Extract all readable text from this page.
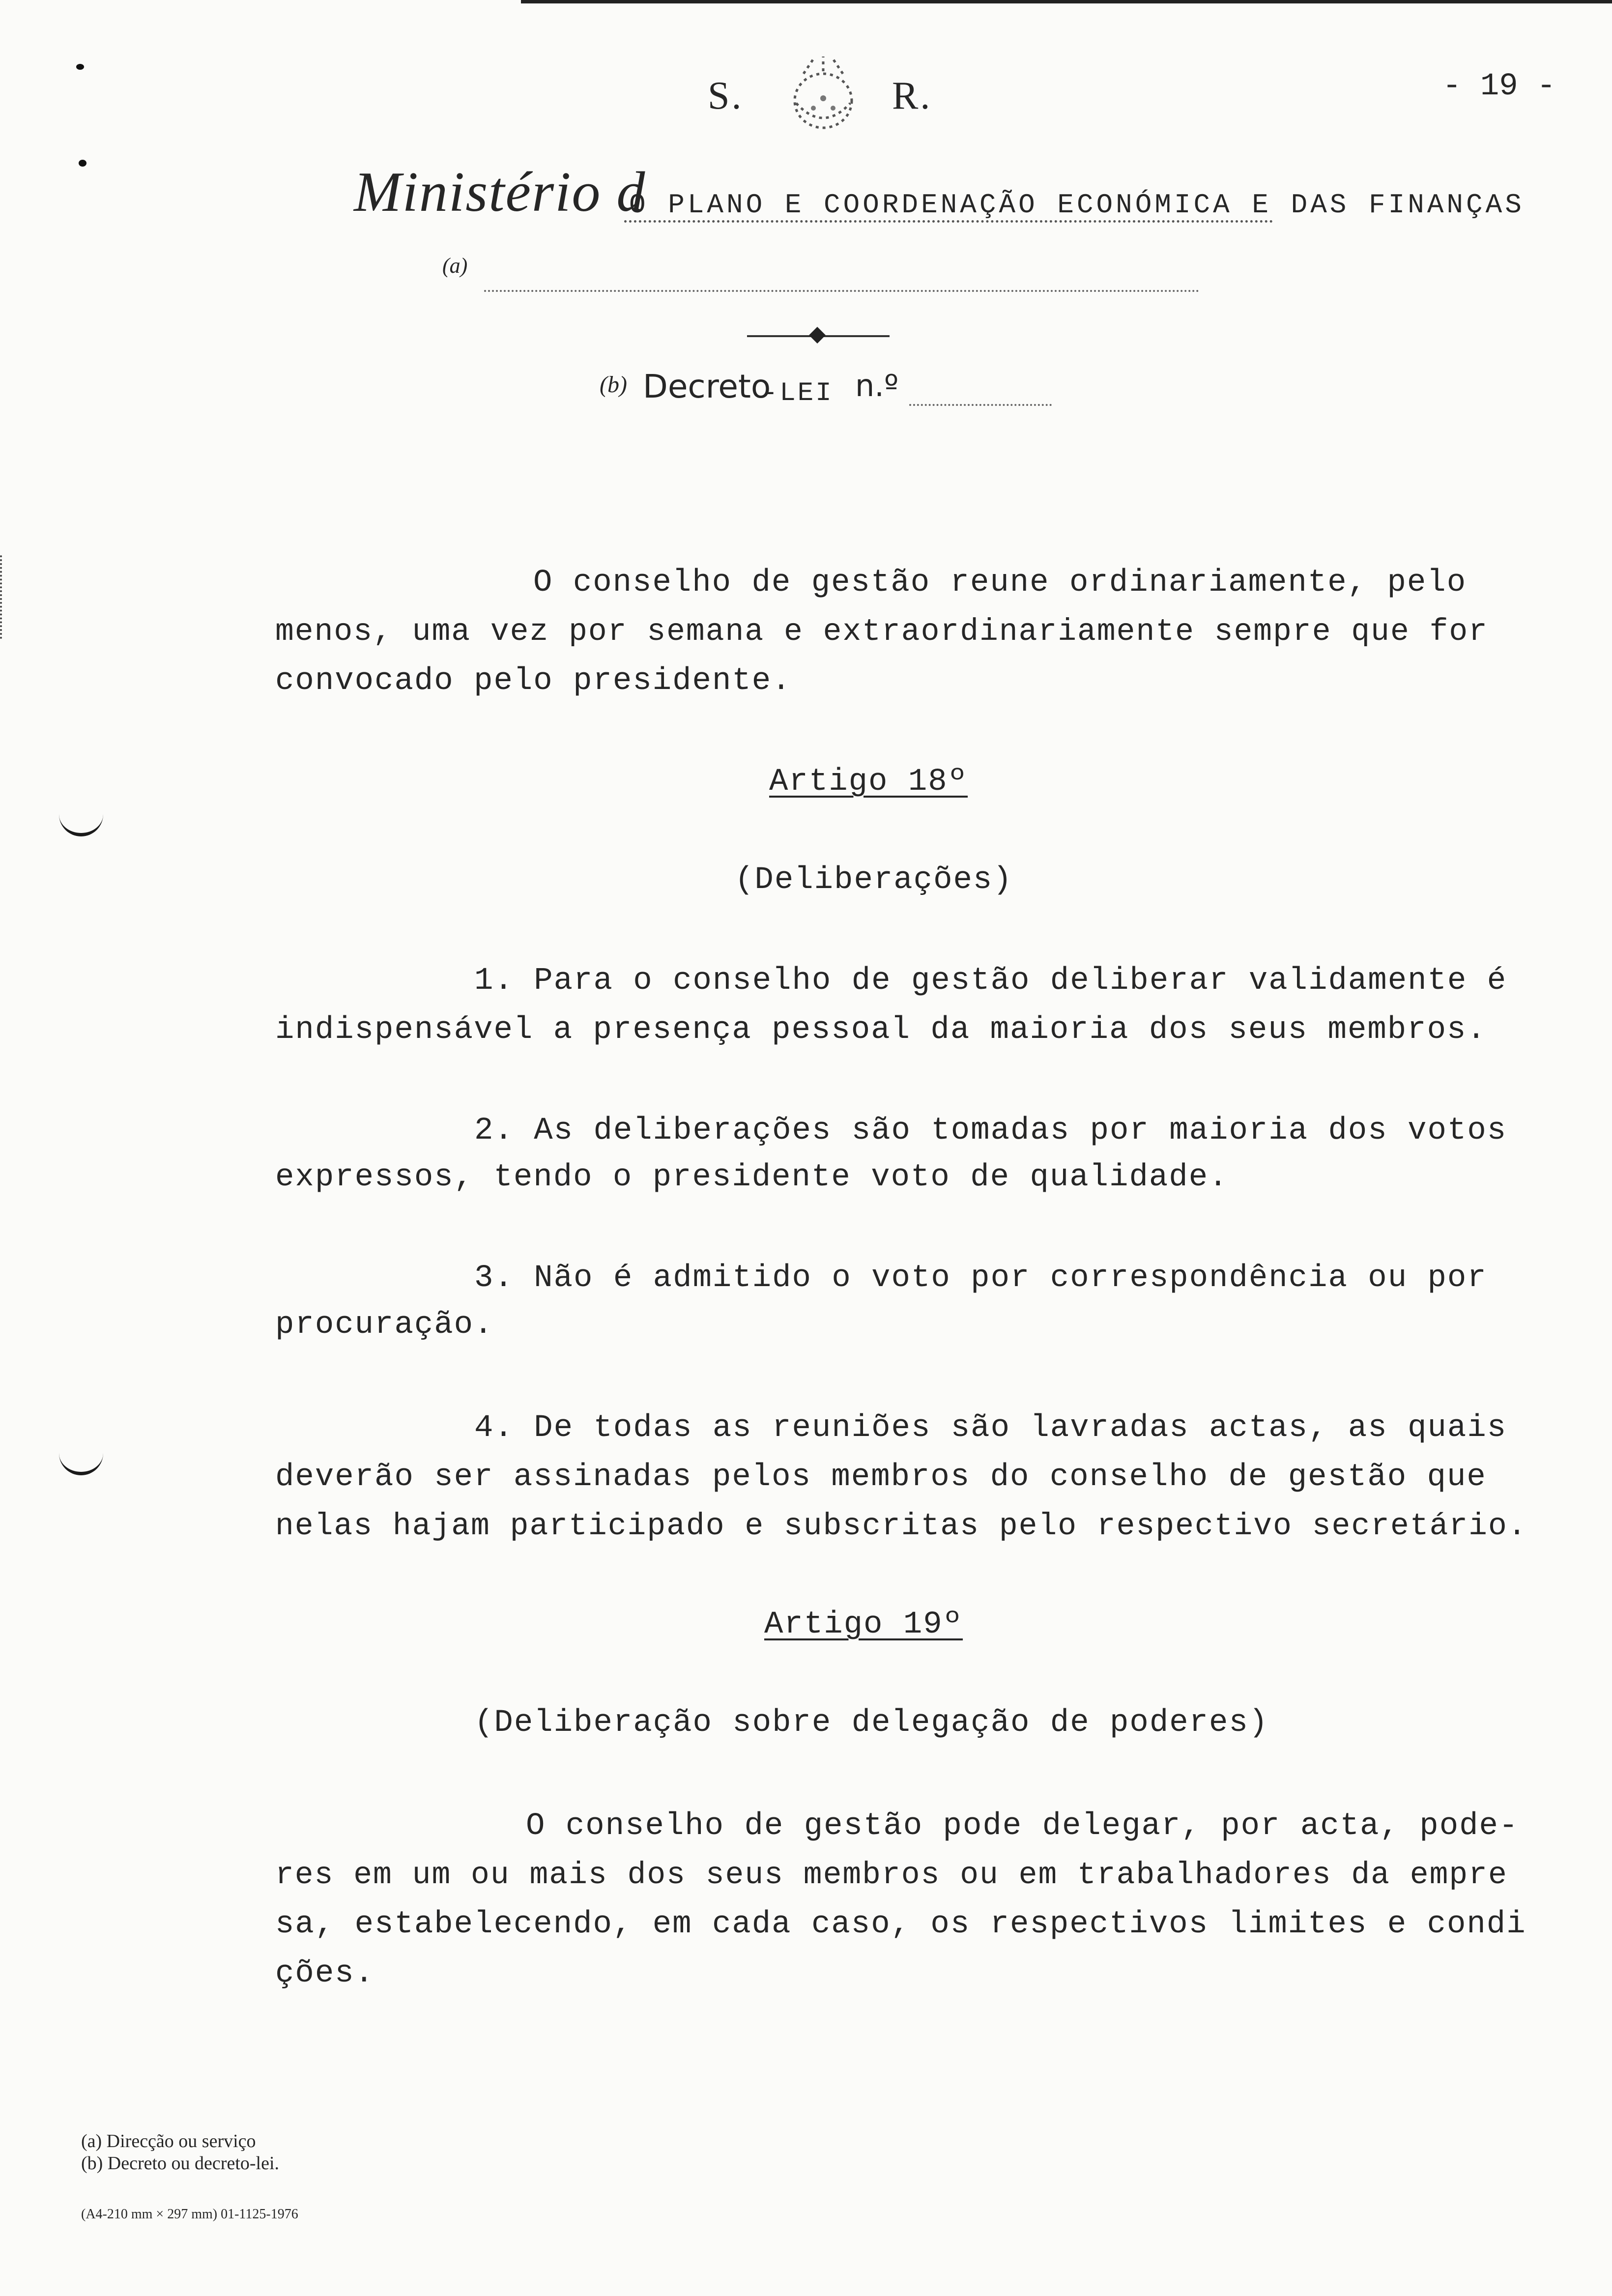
S.	R.	- 19 -
Ministério d
O PLANO E COORDENAÇÃO ECONÓMICA E DAS FINANÇAS
(a)
(b) Decreto
-LEI n.º
O conselho de gestão reune ordinariamente, pelo
menos, uma vez por semana e extraordinariamente sempre que for
convocado pelo presidente.
Artigo 18º
(Deliberações)
1. Para o conselho de gestão deliberar validamente é
indispensável a presença pessoal da maioria dos seus membros.
2. As deliberações são tomadas por maioria dos votos
expressos, tendo o presidente voto de qualidade.
3. Não é admitido o voto por correspondência ou por
procuração.
4. De todas as reuniões são lavradas actas, as quais
deverão ser assinadas pelos membros do conselho de gestão que
nelas hajam participado e subscritas pelo respectivo secretário.
Artigo 19º
(Deliberação sobre delegação de poderes)
O conselho de gestão pode delegar, por acta, pode-
res em um ou mais dos seus membros ou em trabalhadores da empre
sa, estabelecendo, em cada caso, os respectivos limites e condi
ções.
(a) Direcção ou serviço
(b) Decreto ou decreto-lei.
(A4-210 mm × 297 mm) 01-1125-1976
